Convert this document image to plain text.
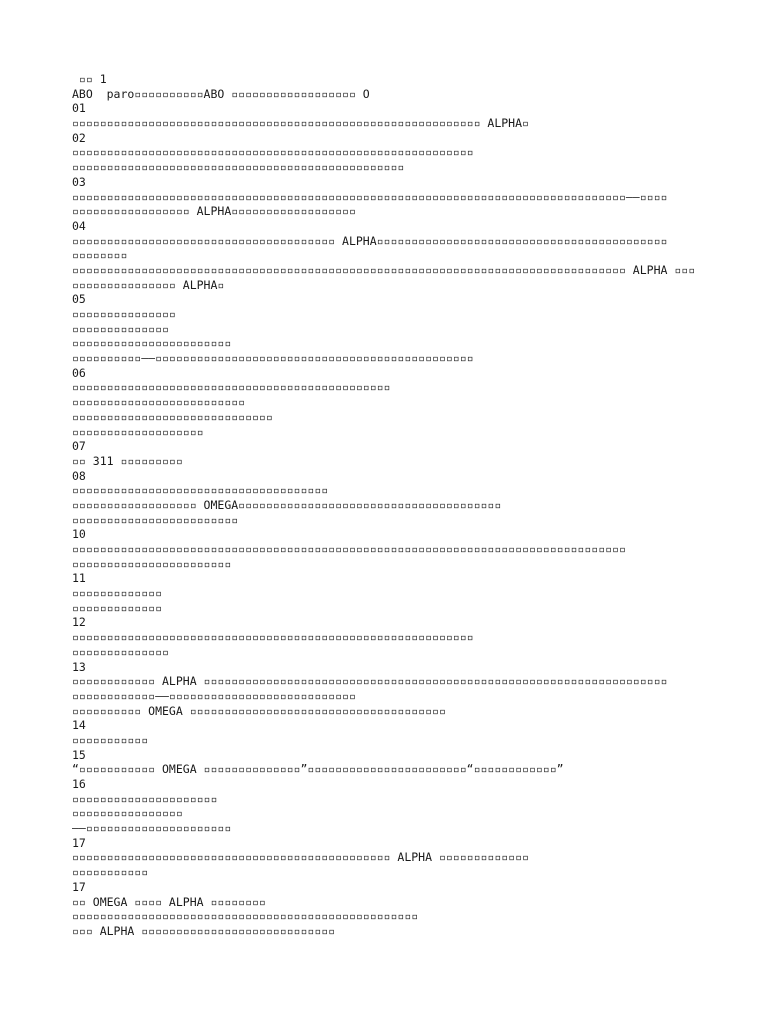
▫▫ 1
ABO  paro▫▫▫▫▫▫▫▫▫▫ABO ▫▫▫▫▫▫▫▫▫▫▫▫▫▫▫▫▫▫ O
01
▫▫▫▫▫▫▫▫▫▫▫▫▫▫▫▫▫▫▫▫▫▫▫▫▫▫▫▫▫▫▫▫▫▫▫▫▫▫▫▫▫▫▫▫▫▫▫▫▫▫▫▫▫▫▫▫▫▫▫ ALPHA▫
02
▫▫▫▫▫▫▫▫▫▫▫▫▫▫▫▫▫▫▫▫▫▫▫▫▫▫▫▫▫▫▫▫▫▫▫▫▫▫▫▫▫▫▫▫▫▫▫▫▫▫▫▫▫▫▫▫▫▫
▫▫▫▫▫▫▫▫▫▫▫▫▫▫▫▫▫▫▫▫▫▫▫▫▫▫▫▫▫▫▫▫▫▫▫▫▫▫▫▫▫▫▫▫▫▫▫▫
03
▫▫▫▫▫▫▫▫▫▫▫▫▫▫▫▫▫▫▫▫▫▫▫▫▫▫▫▫▫▫▫▫▫▫▫▫▫▫▫▫▫▫▫▫▫▫▫▫▫▫▫▫▫▫▫▫▫▫▫▫▫▫▫▫▫▫▫▫▫▫▫▫▫▫▫▫▫▫▫▫——▫▫▫▫
▫▫▫▫▫▫▫▫▫▫▫▫▫▫▫▫▫ ALPHA▫▫▫▫▫▫▫▫▫▫▫▫▫▫▫▫▫▫
04
▫▫▫▫▫▫▫▫▫▫▫▫▫▫▫▫▫▫▫▫▫▫▫▫▫▫▫▫▫▫▫▫▫▫▫▫▫▫ ALPHA▫▫▫▫▫▫▫▫▫▫▫▫▫▫▫▫▫▫▫▫▫▫▫▫▫▫▫▫▫▫▫▫▫▫▫▫▫▫▫▫▫▫
▫▫▫▫▫▫▫▫
▫▫▫▫▫▫▫▫▫▫▫▫▫▫▫▫▫▫▫▫▫▫▫▫▫▫▫▫▫▫▫▫▫▫▫▫▫▫▫▫▫▫▫▫▫▫▫▫▫▫▫▫▫▫▫▫▫▫▫▫▫▫▫▫▫▫▫▫▫▫▫▫▫▫▫▫▫▫▫▫ ALPHA ▫▫▫
▫▫▫▫▫▫▫▫▫▫▫▫▫▫▫ ALPHA▫
05
▫▫▫▫▫▫▫▫▫▫▫▫▫▫▫
▫▫▫▫▫▫▫▫▫▫▫▫▫▫
▫▫▫▫▫▫▫▫▫▫▫▫▫▫▫▫▫▫▫▫▫▫▫
▫▫▫▫▫▫▫▫▫▫——▫▫▫▫▫▫▫▫▫▫▫▫▫▫▫▫▫▫▫▫▫▫▫▫▫▫▫▫▫▫▫▫▫▫▫▫▫▫▫▫▫▫▫▫▫▫
06
▫▫▫▫▫▫▫▫▫▫▫▫▫▫▫▫▫▫▫▫▫▫▫▫▫▫▫▫▫▫▫▫▫▫▫▫▫▫▫▫▫▫▫▫▫▫
▫▫▫▫▫▫▫▫▫▫▫▫▫▫▫▫▫▫▫▫▫▫▫▫▫
▫▫▫▫▫▫▫▫▫▫▫▫▫▫▫▫▫▫▫▫▫▫▫▫▫▫▫▫▫
▫▫▫▫▫▫▫▫▫▫▫▫▫▫▫▫▫▫▫
07
▫▫ 311 ▫▫▫▫▫▫▫▫▫
08
▫▫▫▫▫▫▫▫▫▫▫▫▫▫▫▫▫▫▫▫▫▫▫▫▫▫▫▫▫▫▫▫▫▫▫▫▫
▫▫▫▫▫▫▫▫▫▫▫▫▫▫▫▫▫▫ OMEGA▫▫▫▫▫▫▫▫▫▫▫▫▫▫▫▫▫▫▫▫▫▫▫▫▫▫▫▫▫▫▫▫▫▫▫▫▫▫
▫▫▫▫▫▫▫▫▫▫▫▫▫▫▫▫▫▫▫▫▫▫▫▫
10
▫▫▫▫▫▫▫▫▫▫▫▫▫▫▫▫▫▫▫▫▫▫▫▫▫▫▫▫▫▫▫▫▫▫▫▫▫▫▫▫▫▫▫▫▫▫▫▫▫▫▫▫▫▫▫▫▫▫▫▫▫▫▫▫▫▫▫▫▫▫▫▫▫▫▫▫▫▫▫▫
▫▫▫▫▫▫▫▫▫▫▫▫▫▫▫▫▫▫▫▫▫▫▫
11
▫▫▫▫▫▫▫▫▫▫▫▫▫
▫▫▫▫▫▫▫▫▫▫▫▫▫
12
▫▫▫▫▫▫▫▫▫▫▫▫▫▫▫▫▫▫▫▫▫▫▫▫▫▫▫▫▫▫▫▫▫▫▫▫▫▫▫▫▫▫▫▫▫▫▫▫▫▫▫▫▫▫▫▫▫▫
▫▫▫▫▫▫▫▫▫▫▫▫▫▫
13
▫▫▫▫▫▫▫▫▫▫▫▫ ALPHA ▫▫▫▫▫▫▫▫▫▫▫▫▫▫▫▫▫▫▫▫▫▫▫▫▫▫▫▫▫▫▫▫▫▫▫▫▫▫▫▫▫▫▫▫▫▫▫▫▫▫▫▫▫▫▫▫▫▫▫▫▫▫▫▫▫▫▫
▫▫▫▫▫▫▫▫▫▫▫▫——▫▫▫▫▫▫▫▫▫▫▫▫▫▫▫▫▫▫▫▫▫▫▫▫▫▫▫
▫▫▫▫▫▫▫▫▫▫ OMEGA ▫▫▫▫▫▫▫▫▫▫▫▫▫▫▫▫▫▫▫▫▫▫▫▫▫▫▫▫▫▫▫▫▫▫▫▫▫
14
▫▫▫▫▫▫▫▫▫▫▫
15
“▫▫▫▫▫▫▫▫▫▫▫ OMEGA ▫▫▫▫▫▫▫▫▫▫▫▫▫▫”▫▫▫▫▫▫▫▫▫▫▫▫▫▫▫▫▫▫▫▫▫▫▫“▫▫▫▫▫▫▫▫▫▫▫▫”
16
▫▫▫▫▫▫▫▫▫▫▫▫▫▫▫▫▫▫▫▫▫
▫▫▫▫▫▫▫▫▫▫▫▫▫▫▫▫
——▫▫▫▫▫▫▫▫▫▫▫▫▫▫▫▫▫▫▫▫▫
17
▫▫▫▫▫▫▫▫▫▫▫▫▫▫▫▫▫▫▫▫▫▫▫▫▫▫▫▫▫▫▫▫▫▫▫▫▫▫▫▫▫▫▫▫▫▫ ALPHA ▫▫▫▫▫▫▫▫▫▫▫▫▫
▫▫▫▫▫▫▫▫▫▫▫
17
▫▫ OMEGA ▫▫▫▫ ALPHA ▫▫▫▫▫▫▫▫
▫▫▫▫▫▫▫▫▫▫▫▫▫▫▫▫▫▫▫▫▫▫▫▫▫▫▫▫▫▫▫▫▫▫▫▫▫▫▫▫▫▫▫▫▫▫▫▫▫▫
▫▫▫ ALPHA ▫▫▫▫▫▫▫▫▫▫▫▫▫▫▫▫▫▫▫▫▫▫▫▫▫▫▫▫
